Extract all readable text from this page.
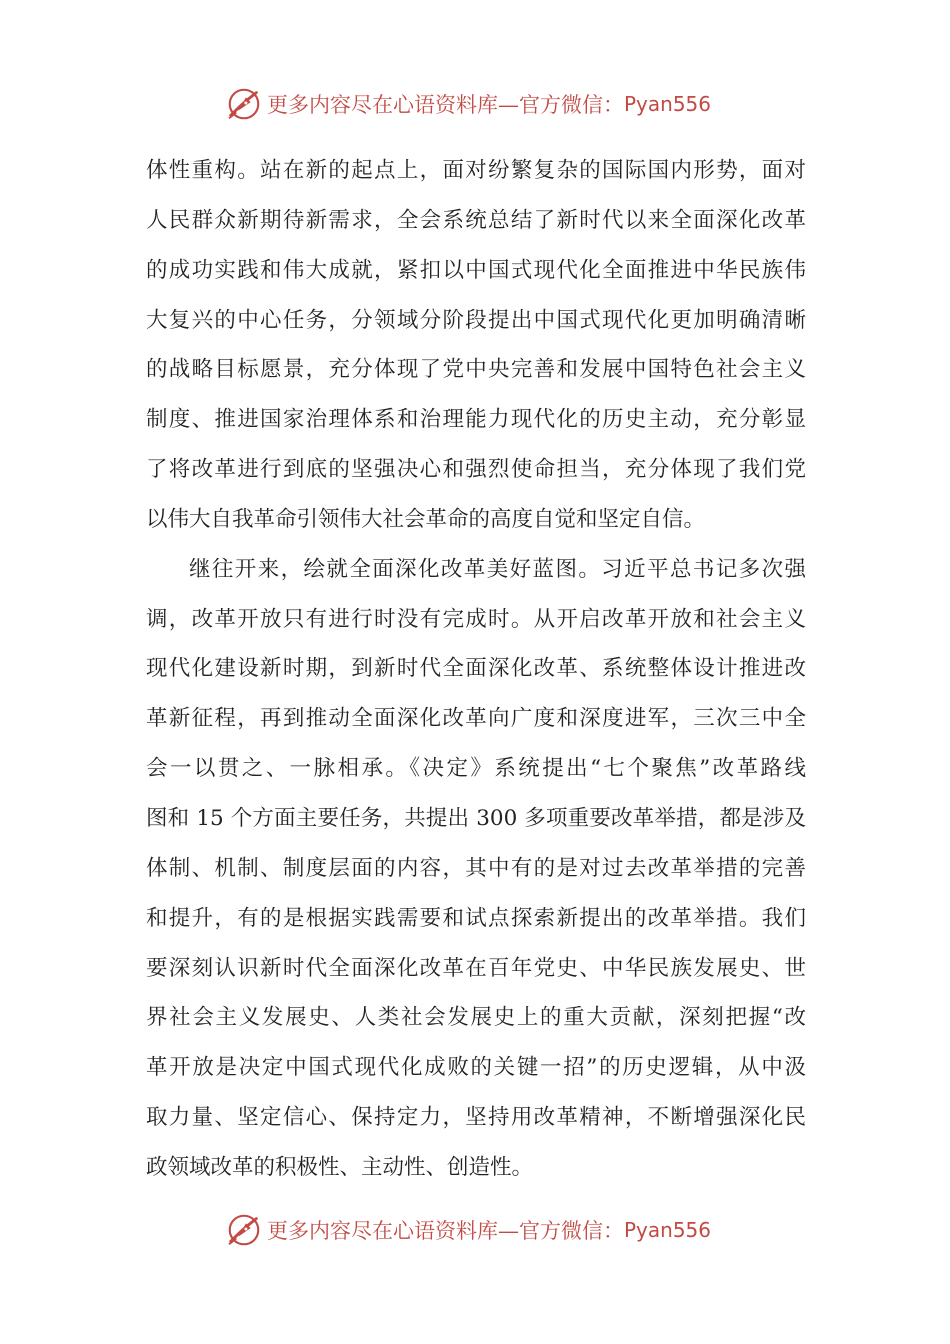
更多内容尽在心语资料库—官方微信： Pyan556
体性重构。站在新的起点上，面对纷繁复杂的国际国内形势，面对
人民群众新期待新需求，全会系统总结了新时代以来全面深化改革
的成功实践和伟大成就，紧扣以中国式现代化全面推进中华民族伟
大复兴的中心任务，分领域分阶段提出中国式现代化更加明确清晰
的战略目标愿景，充分体现了党中央完善和发展中国特色社会主义
制度、推进国家治理体系和治理能力现代化的历史主动，充分彰显
了将改革进行到底的坚强决心和强烈使命担当，充分体现了我们党
以伟大自我革命引领伟大社会革命的高度自觉和坚定自信。
继往开来，绘就全面深化改革美好蓝图。习近平总书记多次强
调，改革开放只有进行时没有完成时。从开启改革开放和社会主义
现代化建设新时期，到新时代全面深化改革、系统整体设计推进改
革新征程，再到推动全面深化改革向广度和深度进军，三次三中全
会一以贯之、一脉相承。《决定》系统提出“七个聚焦”改革路线
图和 15 个方面主要任务，共提出 300 多项重要改革举措，都是涉及
体制、机制、制度层面的内容，其中有的是对过去改革举措的完善
和提升，有的是根据实践需要和试点探索新提出的改革举措。我们
要深刻认识新时代全面深化改革在百年党史、中华民族发展史、世
界社会主义发展史、人类社会发展史上的重大贡献，深刻把握“改
革开放是决定中国式现代化成败的关键一招”的历史逻辑，从中汲
取力量、坚定信心、保持定力，坚持用改革精神，不断增强深化民
政领域改革的积极性、主动性、创造性。
更多内容尽在心语资料库—官方微信： Pyan556
